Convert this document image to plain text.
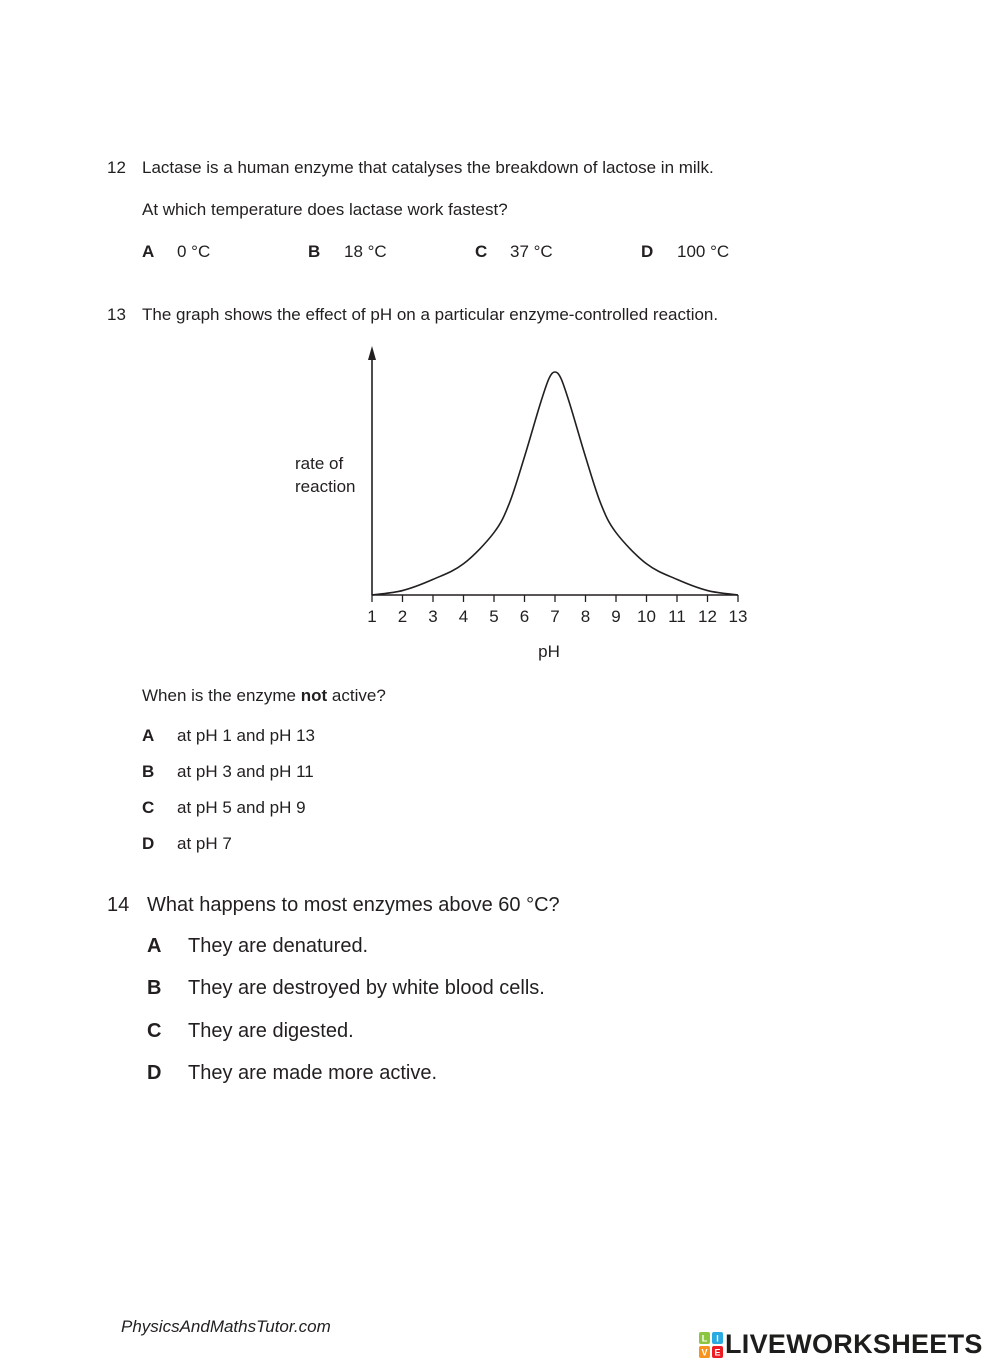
12 Lactase is a human enzyme that catalyses the breakdown of lactose in milk.
At which temperature does lactase work fastest?
A 0 °C	B 18 °C	C 37 °C	D 100 °C
13 The graph shows the effect of pH on a particular enzyme-controlled reaction.
1 2 3 4 5 6 7 8 9 10 11 12 13
rate of
reaction
pH

When is the enzyme not active?

A at pH 1 and pH 13
B at pH 3 and pH 11
C at pH 5 and pH 9
D at pH 7
14 What happens to most enzymes above 60 °C?
A They are denatured.
B They are destroyed by white blood cells.
C They are digested.
D They are made more active.
PhysicsAndMathsTutor.com
L I
V E LIVEWORKSHEETS
